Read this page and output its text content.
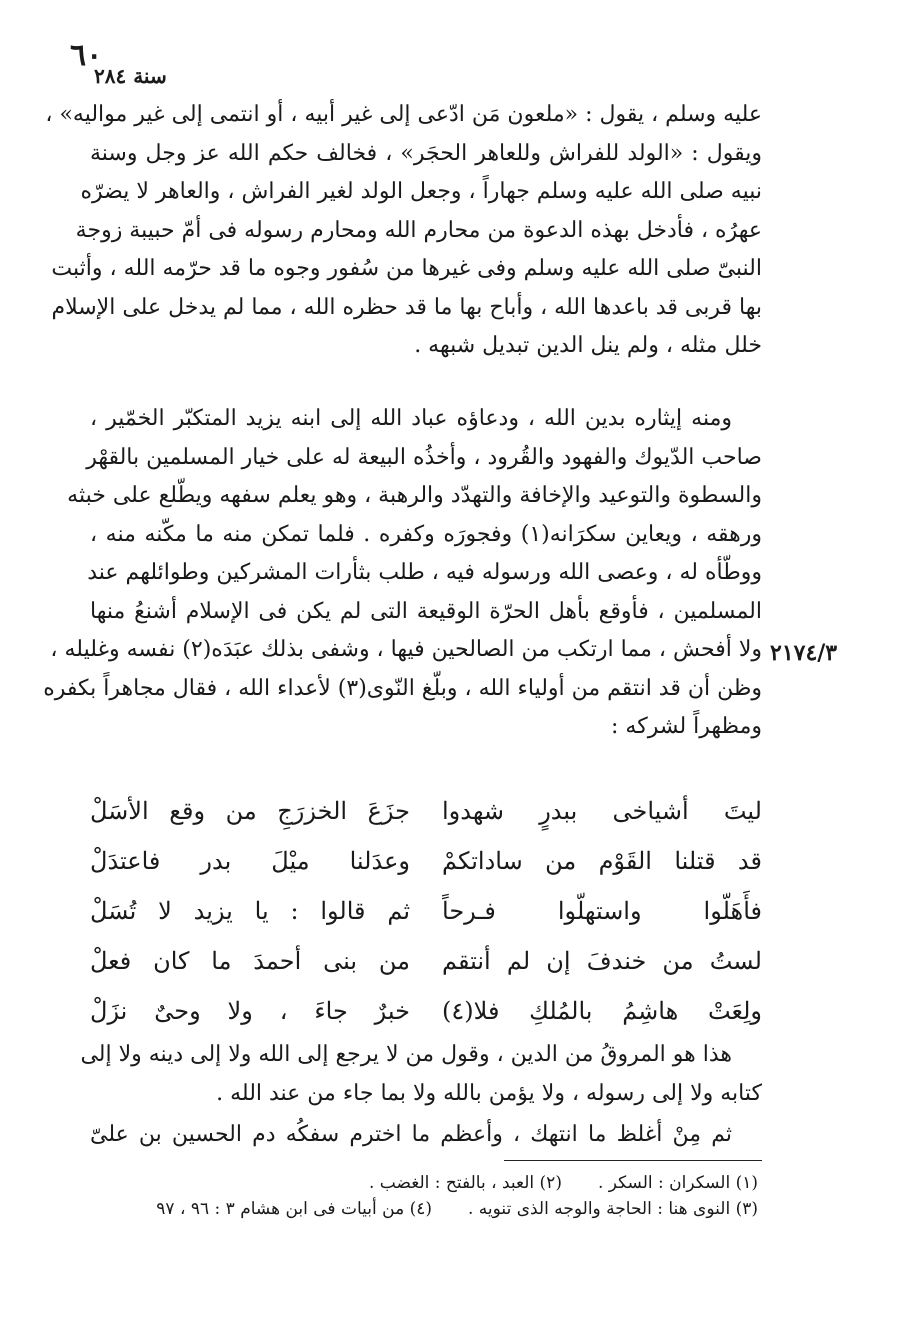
٦٠
سنة ٢٨٤
عليه وسلم ، يقول : «ملعون مَن ادّعى إلى غير أبيه ، أو انتمى إلى غير مواليه» ،
ويقول : «الولد للفراش وللعاهر الحجَر» ، فخالف حكم الله عز وجل وسنة
نبيه صلى الله عليه وسلم جهاراً ، وجعل الولد لغير الفراش ، والعاهر لا يضرّه
عهرُه ، فأدخل بهذه الدعوة من محارم الله ومحارم رسوله فى أمّ حبيبة زوجة
النبىّ صلى الله عليه وسلم وفى غيرها من سُفور وجوه ما قد حرّمه الله ، وأثبت
بها قربى قد باعدها الله ، وأباح بها ما قد حظره الله ، مما لم يدخل على الإسلام
خلل مثله ، ولم ينل الدين تبديل شبهه .
ومنه إيثاره بدين الله ، ودعاؤه عباد الله إلى ابنه يزيد المتكبّر الخمّير ،
صاحب الدّيوك والفهود والقُرود ، وأخذُه البيعة له على خيار المسلمين بالقهْر
والسطوة والتوعيد والإخافة والتهدّد والرهبة ، وهو يعلم سفهه ويطّلع على خبثه
ورهقه ، ويعاين سكرَانه(١) وفجورَه وكفره . فلما تمكن منه ما مكّنه منه ،
ووطّأه له ، وعصى الله ورسوله فيه ، طلب بثأرات المشركين وطوائلهم عند
المسلمين ، فأوقع بأهل الحرّة الوقيعة التى لم يكن فى الإسلام أشنعُ منها
ولا أفحش ، مما ارتكب من الصالحين فيها ، وشفى بذلك عبَدَه(٢) نفسه وغليله ،
وظن أن قد انتقم من أولياء الله ، وبلّغ النّوى(٣) لأعداء الله ، فقال مجاهراً بكفره
ومظهراً لشركه :
٢١٧٤/٣
ليتَ أشياخى ببدرٍ شهدوا
جزَعَ الخزرَجِ من وقع الأسَلْ
قد قتلنا القَوْم من ساداتكمْ
وعدَلنا ميْلَ بدر فاعتدَلْ
فأَهَلّوا واستهلّوا فـرحاً
ثم قالوا : يا يزيد لا تُسَلْ
لستُ من خندفَ إن لم أنتقم
من بنى أحمدَ ما كان فعلْ
ولِعَتْ هاشِمُ بالمُلكِ فلا(٤)
خبرٌ جاءَ ، ولا وحىٌ نزَلْ
هذا هو المروقُ من الدين ، وقول من لا يرجع إلى الله ولا إلى دينه ولا إلى
كتابه ولا إلى رسوله ، ولا يؤمن بالله ولا بما جاء من عند الله .
ثم مِنْ أغلظ ما انتهك ، وأعظم ما اخترم سفكُه دم الحسين بن علىّ
(١) السكران : السكر .
(٢) العبد ، بالفتح : الغضب .
(٣) النوى هنا : الحاجة والوجه الذى تنويه .
(٤) من أبيات فى ابن هشام ٣ : ٩٦ ، ٩٧
